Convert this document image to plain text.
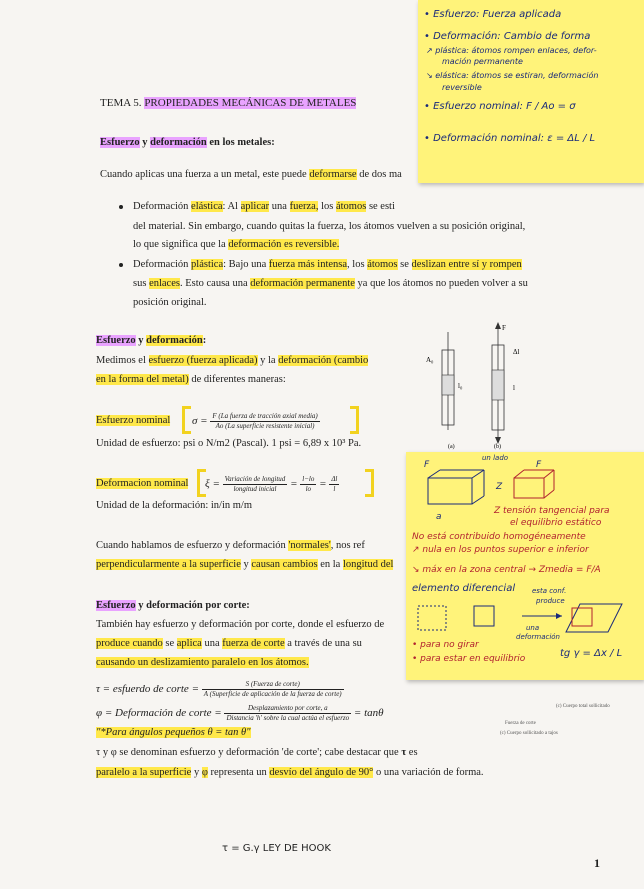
TEMA 5. PROPIEDADES MECÁNICAS DE METALES
Esfuerzo y deformación en los metales:
Cuando aplicas una fuerza a un metal, este puede deformarse de dos ma
Deformación elástica: Al aplicar una fuerza, los átomos se esti
del material. Sin embargo, cuando quitas la fuerza, los átomos vuelven a su posición original,
lo que significa que la deformación es reversible.
Deformación plástica: Bajo una fuerza más intensa, los átomos se deslizan entre sí y rompen
sus enlaces. Esto causa una deformación permanente ya que los átomos no pueden volver a su
posición original.
Esfuerzo y deformación:
Medimos el esfuerzo (fuerza aplicada) y la deformación (cambio
en la forma del metal) de diferentes maneras:
Esfuerzo nominal $\sigma = \frac{\text{F (La fuerza de tracción axial media)}}{\text{Ao (La superficie resistente inicial)}}$
Unidad de esfuerzo: psi o N/m2 (Pascal). 1 psi = 6,89 x 10³ Pa.
F
A₀
l₀
Δl
l
(a)	(b)
Deformacion nominal $\xi = \frac{\text{Variación de longitud}}{\text{longitud inicial}} = \frac{l-lo}{lo} = \frac{\Delta l}{l}$
Unidad de la deformación: in/in m/m
Cuando hablamos de esfuerzo y deformación 'normales', nos ref
perpendicularmente a la superficie y causan cambios en la longitud del
Esfuerzo y deformación por corte:
También hay esfuerzo y deformación por corte, donde el esfuerzo de
produce cuando se aplica una fuerza de corte a través de una su
causando un deslizamiento paralelo en los átomos.
τ = esfuerdo de corte = $\frac{\text{S (Fuerza de corte)}}{\text{A (Superficie de aplicación de la fuerza de corte)}}$
φ = Deformación de corte = $\frac{\text{Desplazamiento por corte, a}}{\text{Distancia 'h' sobre la cual actúa el esfuerzo}} = \tan\theta$
"*Para ángulos pequeños θ = tan θ"
τ y φ se denominan esfuerzo y deformación 'de corte'; cabe destacar que τ es
paralelo a la superficie y φ representa un desvío del ángulo de 90° o una variación de forma.
(c) Cuerpo total sollicitado
Fuerza de corte
(c) Cuerpo sollicitado a tajos
τ = G.γ LEY DE HOOK
1
• Esfuerzo: Fuerza aplicada
• Deformación: Cambio de forma
↗ plástica: átomos rompen enlaces, defor-
mación permanente
↘ elástica: átomos se estiran, deformación
reversible
• Esfuerzo nominal: F / Ao = σ
• Deformación nominal: ε = ΔL / L
un lado
F	F
Z
a
Z tensión tangencial para
el equilibrio estático
No está contribuido homogéneamente
↗ nula en los puntos superior e inferior
↘ máx en la zona central → Zmedia = F/A
elemento diferencial esta conf.
produce
una
deformación
• para no girar
• para estar en equilibrio	tg γ = Δx / L
